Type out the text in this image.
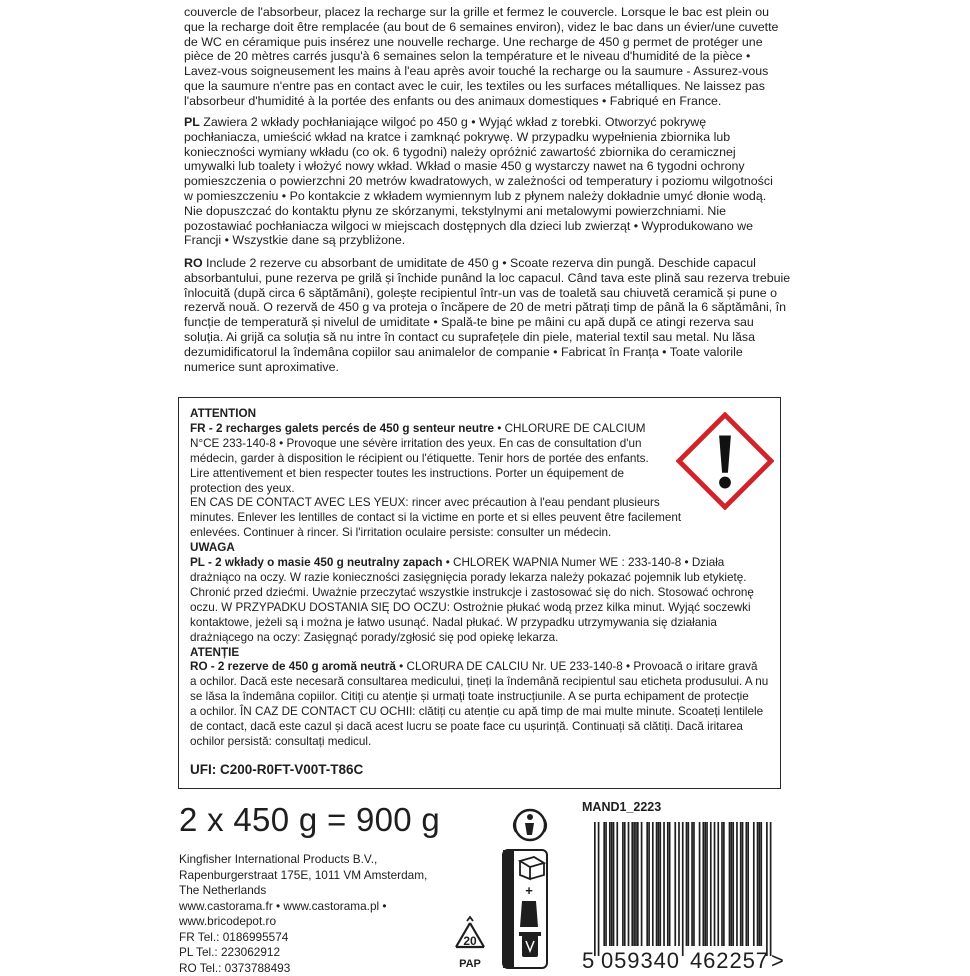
couvercle de l'absorbeur, placez la recharge sur la grille et fermez le couvercle. Lorsque le bac est plein ou

que la recharge doit être remplacée (au bout de 6 semaines environ), videz le bac dans un évier/une cuvette

de WC en céramique puis insérez une nouvelle recharge. Une recharge de 450 g permet de protéger une

pièce de 20 mètres carrés jusqu'à 6 semaines selon la température et le niveau d'humidité de la pièce •

Lavez-vous soigneusement les mains à l'eau après avoir touché la recharge ou la saumure - Assurez-vous

que la saumure n'entre pas en contact avec le cuir, les textiles ou les surfaces métalliques. Ne laissez pas

l'absorbeur d'humidité à la portée des enfants ou des animaux domestiques • Fabriqué en France.

PL Zawiera 2 wkłady pochłaniające wilgoć po 450 g • Wyjąć wkład z torebki. Otworzyć pokrywę

pochłaniacza, umieścić wkład na kratce i zamknąć pokrywę. W przypadku wypełnienia zbiornika lub

konieczności wymiany wkładu (co ok. 6 tygodni) należy opróżnić zawartość zbiornika do ceramicznej

umywalki lub toalety i włożyć nowy wkład. Wkład o masie 450 g wystarczy nawet na 6 tygodni ochrony

pomieszczenia o powierzchni 20 metrów kwadratowych, w zależności od temperatury i poziomu wilgotności

w pomieszczeniu • Po kontakcie z wkładem wymiennym lub z płynem należy dokładnie umyć dłonie wodą.

Nie dopuszczać do kontaktu płynu ze skórzanymi, tekstylnymi ani metalowymi powierzchniami. Nie

pozostawiać pochłaniacza wilgoci w miejscach dostępnych dla dzieci lub zwierząt • Wyprodukowano we

Francji • Wszystkie dane są przybliżone.

RO Include 2 rezerve cu absorbant de umiditate de 450 g • Scoate rezerva din pungă. Deschide capacul

absorbantului, pune rezerva pe grilă și închide punând la loc capacul. Când tava este plină sau rezerva trebuie

înlocuită (după circa 6 săptămâni), golește recipientul într-un vas de toaletă sau chiuvetă ceramică și pune o

rezervă nouă. O rezervă de 450 g va proteja o încăpere de 20 de metri pătrați timp de până la 6 săptămâni, în

funcție de temperatură și nivelul de umiditate • Spală-te bine pe mâini cu apă după ce atingi rezerva sau

soluția. Ai grijă ca soluția să nu intre în contact cu suprafețele din piele, material textil sau metal. Nu lăsa

dezumidificatorul la îndemâna copiilor sau animalelor de companie • Fabricat în Franța • Toate valorile

numerice sunt aproximative.

ATTENTION
FR - 2 recharges galets percés de 450 g senteur neutre • CHLORURE DE CALCIUM
N°CE 233-140-8 • Provoque une sévère irritation des yeux. En cas de consultation d'un
médecin, garder à disposition le récipient ou l'étiquette. Tenir hors de portée des enfants.
Lire attentivement et bien respecter toutes les instructions. Porter un équipement de
protection des yeux.
EN CAS DE CONTACT AVEC LES YEUX: rincer avec précaution à l'eau pendant plusieurs
minutes. Enlever les lentilles de contact si la victime en porte et si elles peuvent être facilement
enlevées. Continuer à rincer. Si l'irritation oculaire persiste: consulter un médecin.
UWAGA
PL - 2 wkłady o masie 450 g neutralny zapach • CHLOREK WAPNIA Numer WE : 233-140-8 • Działa
drażniąco na oczy. W razie konieczności zasięgnięcia porady lekarza należy pokazać pojemnik lub etykietę.
Chronić przed dziećmi. Uważnie przeczytać wszystkie instrukcje i zastosować się do nich. Stosować ochronę
oczu. W PRZYPADKU DOSTANIA SIĘ DO OCZU: Ostrożnie płukać wodą przez kilka minut. Wyjąć soczewki
kontaktowe, jeżeli są i można je łatwo usunąć. Nadal płukać. W przypadku utrzymywania się działania
drażniącego na oczy: Zasięgnąć porady/zgłosić się pod opiekę lekarza.
ATENȚIE
RO - 2 rezerve de 450 g aromă neutră • CLORURA DE CALCIU Nr. UE 233-140-8 • Provoacă o iritare gravă
a ochilor. Dacă este necesară consultarea medicului, țineți la îndemână recipientul sau eticheta produsului. A nu
se lăsa la îndemâna copiilor. Citiți cu atenție și urmați toate instrucțiunile. A se purta echipament de protecție
a ochilor. ÎN CAZ DE CONTACT CU OCHII: clătiți cu atenție cu apă timp de mai multe minute. Scoateți lentilele
de contact, dacă este cazul și dacă acest lucru se poate face cu ușurință. Continuați să clătiți. Dacă iritarea
ochilor persistă: consultați medicul.
UFI: C200-R0FT-V00T-T86C
2 x 450 g = 900 g
Kingfisher International Products B.V.,
Rapenburgerstraat 175E, 1011 VM Amsterdam,
The Netherlands
www.castorama.fr • www.castorama.pl •
www.bricodepot.ro
FR Tel.: 0186995574
PL Tel.: 223062912
RO Tel.: 0373788493
+
20
PAP
MAND1_2223
5 059340 462257 >
